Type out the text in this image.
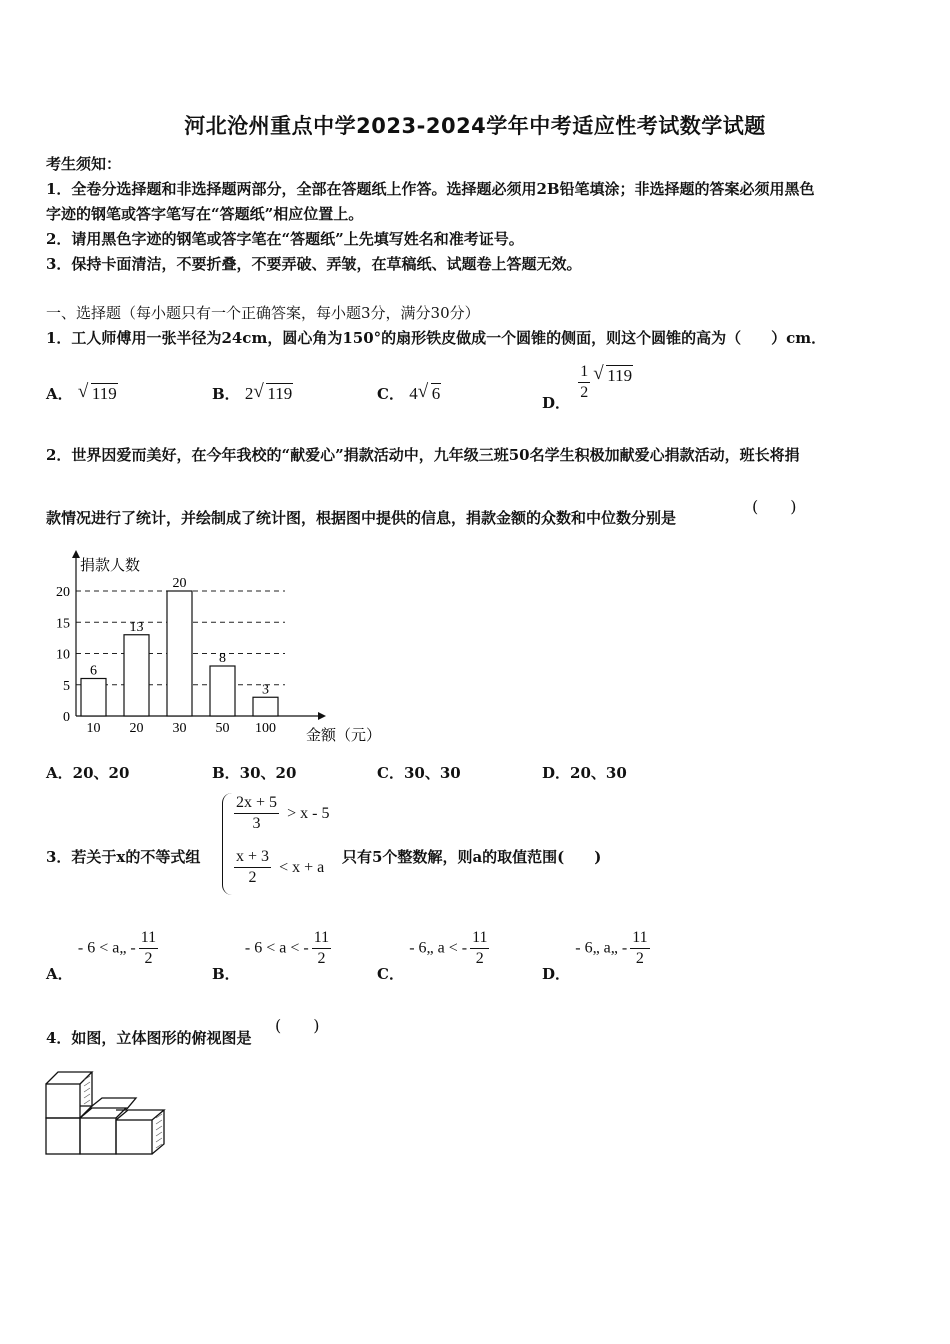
河北沧州重点中学2023-2024学年中考适应性考试数学试题
考生须知：
1．全卷分选择题和非选择题两部分，全部在答题纸上作答。选择题必须用2B铅笔填涂；非选择题的答案必须用黑色
字迹的钢笔或答字笔写在“答题纸”相应位置上。
2．请用黑色字迹的钢笔或答字笔在“答题纸”上先填写姓名和准考证号。
3．保持卡面清洁，不要折叠，不要弄破、弄皱，在草稿纸、试题卷上答题无效。
一、选择题（每小题只有一个正确答案，每小题3分，满分30分）
1．工人师傅用一张半径为24cm，圆心角为150°的扇形铁皮做成一个圆锥的侧面，则这个圆锥的高为（　　）cm．
A． √ 119	B． 2 √ 119	C． 4 √ 6	D． $\frac{1}{2}$ √ 119
2．世界因爱而美好，在今年我校的“献爱心”捐款活动中，九年级三班50名学生积极加献爱心捐款活动，班长将捐
款情况进行了统计，并绘制成了统计图，根据图中提供的信息，捐款金额的众数和中位数分别是
(　　)
0
5
10
15
20
捐款人数
金额（元）
6
10
13
20
20
30
8
50
3
100
A．20、20	B．30、20	C．30、30	D．20、30
3．若关于x的不等式组
$\frac{2x + 5}{3} > x - 5$
$\frac{x + 3}{2} < x + a$
只有5个整数解，则a的取值范围(　　)
A． - 6 < a„ - $\frac{11}{2}$
B． - 6 < a < - $\frac{11}{2}$
C． - 6„ a < - $\frac{11}{2}$
D． - 6„ a„ - $\frac{11}{2}$
4．如图，立体图形的俯视图是
(　　)
